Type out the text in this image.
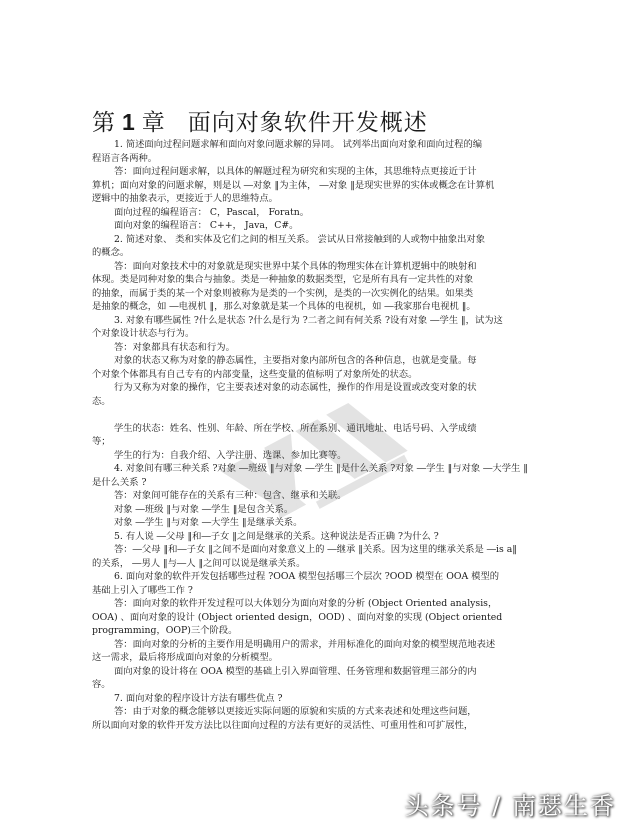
第 1 章 面向对象软件开发概述
1. 简述面向过程问题求解和面向对象问题求解的异同。 试列举出面向对象和面向过程的编
程语言各两种。
答：面向过程问题求解，以具体的解题过程为研究和实现的主体，其思维特点更接近于计
算机；面向对象的问题求解，则是以 ―对象 ‖为主体， ―对象 ‖是现实世界的实体或概念在计算机
逻辑中的抽象表示，更接近于人的思维特点。
面向过程的编程语言： C，Pascal， Foratn。
面向对象的编程语言： C++， Java，C#。
2. 简述对象、 类和实体及它们之间的相互关系。 尝试从日常接触到的人或物中抽象出对象
的概念。
答：面向对象技术中的对象就是现实世界中某个具体的物理实体在计算机逻辑中的映射和
体现。类是同种对象的集合与抽象。类是一种抽象的数据类型，它是所有具有一定共性的对象
的抽象，而属于类的某一个对象则被称为是类的一个实例，是类的一次实例化的结果。如果类
是抽象的概念，如 ―电视机 ‖，那么对象就是某一个具体的电视机，如 ―我家那台电视机 ‖。
3. 对象有哪些属性 ?什么是状态 ?什么是行为 ?二者之间有何关系 ?设有对象 ―学生 ‖，试为这
个对象设计状态与行为。
答：对象都具有状态和行为。
对象的状态又称为对象的静态属性，主要指对象内部所包含的各种信息，也就是变量。每
个对象个体都具有自己专有的内部变量，这些变量的值标明了对象所处的状态。
行为又称为对象的操作，它主要表述对象的动态属性，操作的作用是设置或改变对象的状
态。
学生的状态：姓名、性别、年龄、所在学校、所在系别、通讯地址、电话号码、入学成绩
等；
学生的行为：自我介绍、入学注册、选课、参加比赛等。
4. 对象间有哪三种关系 ?对象 ―班级 ‖与对象 ―学生 ‖是什么关系 ?对象 ―学生 ‖与对象 ―大学生 ‖
是什么关系 ?
答：对象间可能存在的关系有三种：包含、继承和关联。
对象 ―班级 ‖与对象 ―学生 ‖是包含关系。
对象 ―学生 ‖与对象 ―大学生 ‖是继承关系。
5. 有人说 ―父母 ‖和―子女 ‖之间是继承的关系。这种说法是否正确 ?为什么 ?
答：―父母 ‖和―子女 ‖之间不是面向对象意义上的 ―继承 ‖关系。因为这里的继承关系是 ―is a‖
的关系， ―男人 ‖与―人 ‖之间可以说是继承关系。
6. 面向对象的软件开发包括哪些过程 ?OOA 模型包括哪三个层次 ?OOD 模型在 OOA 模型的
基础上引入了哪些工作 ?
答：面向对象的软件开发过程可以大体划分为面向对象的分析 (Object Oriented analysis，
OOA) 、面向对象的设计 (Object oriented design，OOD) 、面向对象的实现 (Object oriented
programming，OOP)三个阶段。
答：面向对象的分析的主要作用是明确用户的需求，并用标准化的面向对象的模型规范地表述
这一需求，最后将形成面向对象的分析模型。
面向对象的设计将在 OOA 模型的基础上引入界面管理、任务管理和数据管理三部分的内
容。
7. 面向对象的程序设计方法有哪些优点 ?
答：由于对象的概念能够以更接近实际问题的原貌和实质的方式来表述和处理这些问题，
所以面向对象的软件开发方法比以往面向过程的方法有更好的灵活性、可重用性和可扩展性，
头条号 / 南瑟生香
